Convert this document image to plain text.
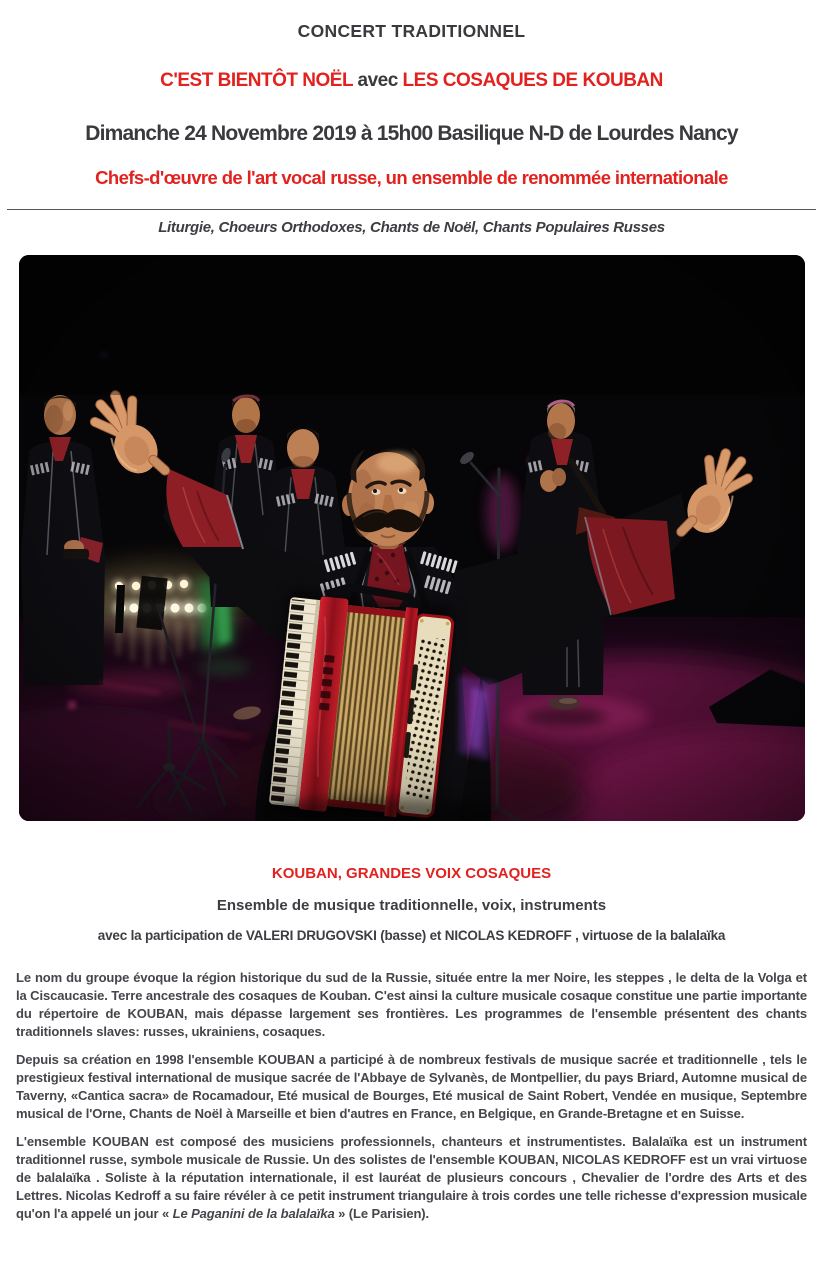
CONCERT TRADITIONNEL
C'EST BIENTÔT NOËL avec LES COSAQUES DE KOUBAN
Dimanche 24 Novembre 2019 à 15h00 Basilique N-D de Lourdes Nancy
Chefs-d'œuvre de l'art vocal russe, un ensemble de renommée internationale
Liturgie, Choeurs Orthodoxes, Chants de Noël, Chants Populaires Russes
KOUBAN, GRANDES VOIX COSAQUES
Ensemble de musique traditionnelle, voix, instruments
avec la participation de VALERI DRUGOVSKI (basse) et NICOLAS KEDROFF , virtuose de la balalaïka

Le nom du groupe évoque la région historique du sud de la Russie, située entre la mer Noire, les steppes , le delta de la Volga et la Ciscaucasie. Terre ancestrale des cosaques de Kouban. C'est ainsi la culture musicale cosaque constitue une partie importante du répertoire de KOUBAN, mais dépasse largement ses frontières. Les programmes de l'ensemble présentent des chants traditionnels slaves: russes, ukrainiens, cosaques.

Depuis sa création en 1998 l'ensemble KOUBAN a participé à de nombreux festivals de musique sacrée et traditionnelle , tels le prestigieux festival international de musique sacrée de l'Abbaye de Sylvanès, de Montpellier, du pays Briard, Automne musical de Taverny, «Cantica sacra» de Rocamadour, Eté musical de Bourges, Eté musical de Saint Robert, Vendée en musique, Septembre musical de l'Orne, Chants de Noël à Marseille et bien d'autres en France, en Belgique, en Grande-Bretagne et en Suisse.

L'ensemble KOUBAN est composé des musiciens professionnels, chanteurs et instrumentistes. Balalaïka est un instrument traditionnel russe, symbole musicale de Russie. Un des solistes de l'ensemble KOUBAN, NICOLAS KEDROFF est un vrai virtuose de balalaïka . Soliste à la réputation internationale, il est lauréat de plusieurs concours , Chevalier de l'ordre des Arts et des Lettres. Nicolas Kedroff a su faire révéler à ce petit instrument triangulaire à trois cordes une telle richesse d'expression musicale qu'on l'a appelé un jour « Le Paganini de la balalaïka » (Le Parisien).
